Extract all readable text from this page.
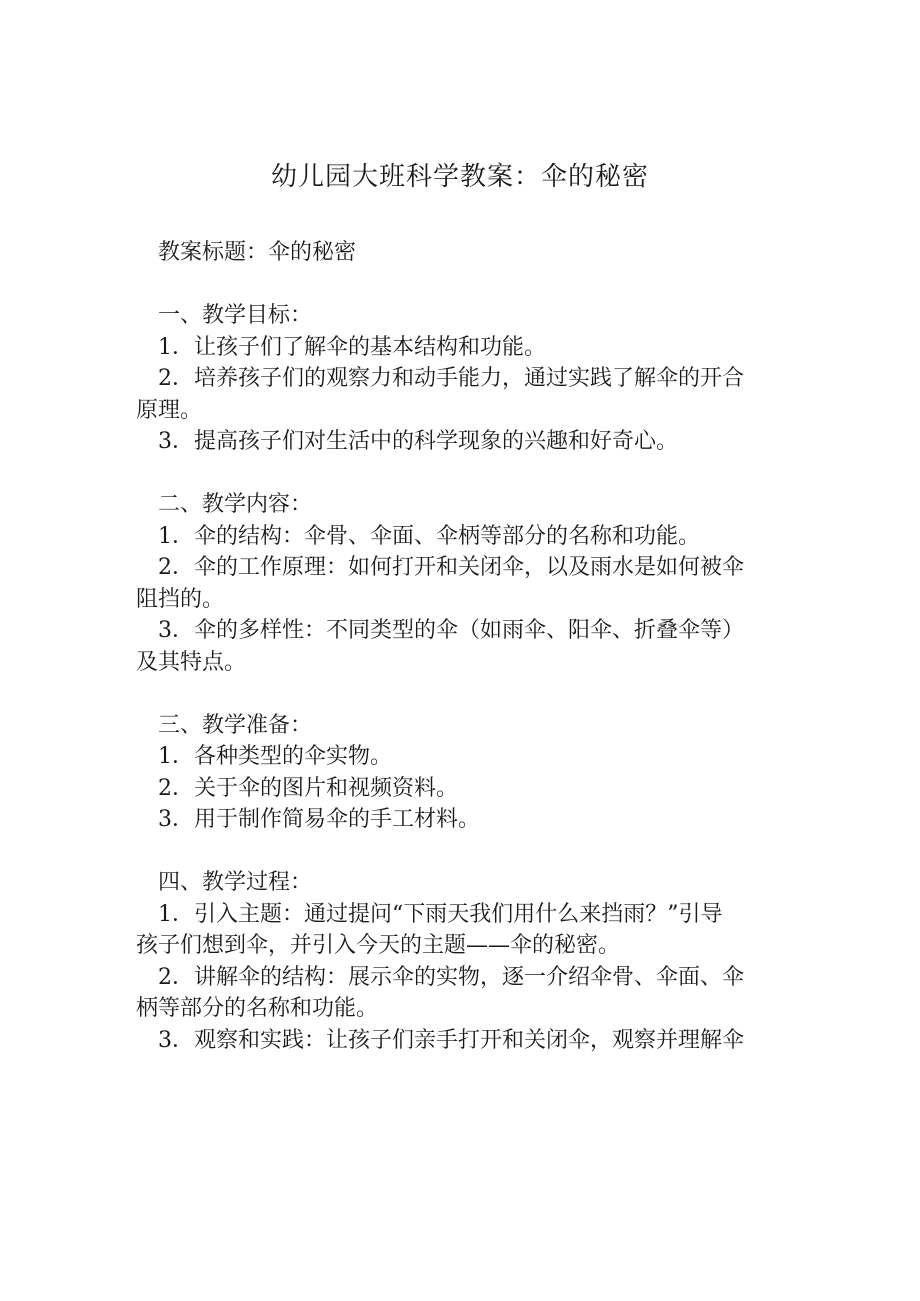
幼儿园大班科学教案：伞的秘密
教案标题：伞的秘密
一、教学目标：
1．让孩子们了解伞的基本结构和功能。
2．培养孩子们的观察力和动手能力，通过实践了解伞的开合
原理。
3．提高孩子们对生活中的科学现象的兴趣和好奇心。
二、教学内容：
1．伞的结构：伞骨、伞面、伞柄等部分的名称和功能。
2．伞的工作原理：如何打开和关闭伞，以及雨水是如何被伞
阻挡的。
3．伞的多样性：不同类型的伞（如雨伞、阳伞、折叠伞等）
及其特点。
三、教学准备：
1．各种类型的伞实物。
2．关于伞的图片和视频资料。
3．用于制作简易伞的手工材料。
四、教学过程：
1．引入主题：通过提问“下雨天我们用什么来挡雨？”引导
孩子们想到伞，并引入今天的主题——伞的秘密。
2．讲解伞的结构：展示伞的实物，逐一介绍伞骨、伞面、伞
柄等部分的名称和功能。
3．观察和实践：让孩子们亲手打开和关闭伞，观察并理解伞
